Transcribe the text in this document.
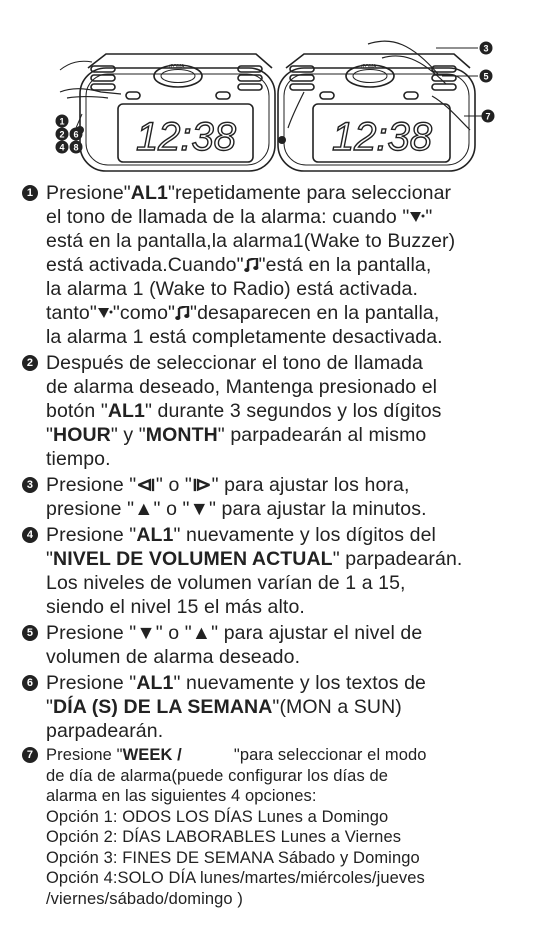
iTOMA
12:38
iTOMA
12:38
1
2 6
4 8
3
5
7
1 Presione"AL1"repetidamente para seleccionar
el tono de llamada de la alarma: cuando " "
está en la pantalla,la alarma1(Wake to Buzzer)
está activada.Cuando" "está en la pantalla,
la alarma 1 (Wake to Radio) está activada.
tanto" "como" "desaparecen en la pantalla,
la alarma 1 está completamente desactivada.
2 Después de seleccionar el tono de llamada
de alarma deseado, Mantenga presionado el
botón "AL1" durante 3 segundos y los dígitos
"HOUR" y "MONTH" parpadearán al mismo
tiempo.
3 Presione "⧏" o "⧐" para ajustar los hora,
presione "▲" o "▼" para ajustar la minutos.
4 Presione "AL1" nuevamente y los dígitos del
"NIVEL DE VOLUMEN ACTUAL" parpadearán.
Los niveles de volumen varían de 1 a 15,
siendo el nivel 15 el más alto.
5 Presione "▼" o "▲" para ajustar el nivel de
volumen de alarma deseado.
6 Presione "AL1" nuevamente y los textos de
"DÍA (S) DE LA SEMANA"(MON a SUN)
parpadearán.
7 Presione "WEEK /	"para seleccionar el modo
de día de alarma(puede configurar los días de
alarma en las siguientes 4 opciones:
Opción 1: ODOS LOS DÍAS Lunes a Domingo
Opción 2: DÍAS LABORABLES Lunes a Viernes
Opción 3: FINES DE SEMANA Sábado y Domingo
Opción 4:SOLO DÍA lunes/martes/miércoles/jueves
/viernes/sábado/domingo )
